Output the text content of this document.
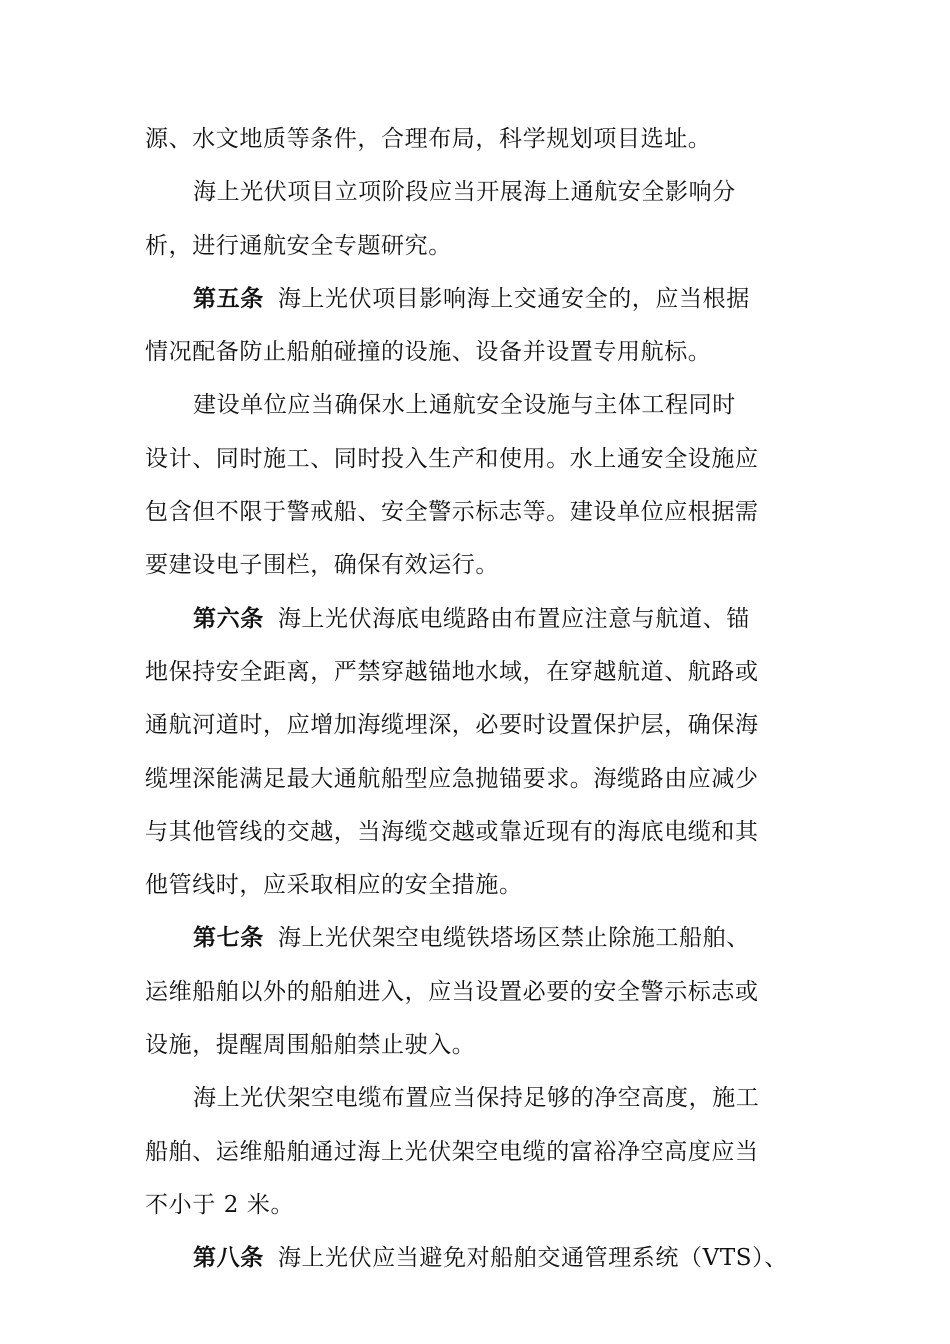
源、水文地质等条件，合理布局，科学规划项目选址。
海上光伏项目立项阶段应当开展海上通航安全影响分
析，进行通航安全专题研究。
第五条 海上光伏项目影响海上交通安全的，应当根据
情况配备防止船舶碰撞的设施、设备并设置专用航标。
建设单位应当确保水上通航安全设施与主体工程同时
设计、同时施工、同时投入生产和使用。水上通安全设施应
包含但不限于警戒船、安全警示标志等。建设单位应根据需
要建设电子围栏，确保有效运行。
第六条 海上光伏海底电缆路由布置应注意与航道、锚
地保持安全距离，严禁穿越锚地水域，在穿越航道、航路或
通航河道时，应增加海缆埋深，必要时设置保护层，确保海
缆埋深能满足最大通航船型应急抛锚要求。海缆路由应减少
与其他管线的交越，当海缆交越或靠近现有的海底电缆和其
他管线时，应采取相应的安全措施。
第七条 海上光伏架空电缆铁塔场区禁止除施工船舶、
运维船舶以外的船舶进入，应当设置必要的安全警示标志或
设施，提醒周围船舶禁止驶入。
海上光伏架空电缆布置应当保持足够的净空高度，施工
船舶、运维船舶通过海上光伏架空电缆的富裕净空高度应当
不小于 2 米。
第八条 海上光伏应当避免对船舶交通管理系统（VTS）、
